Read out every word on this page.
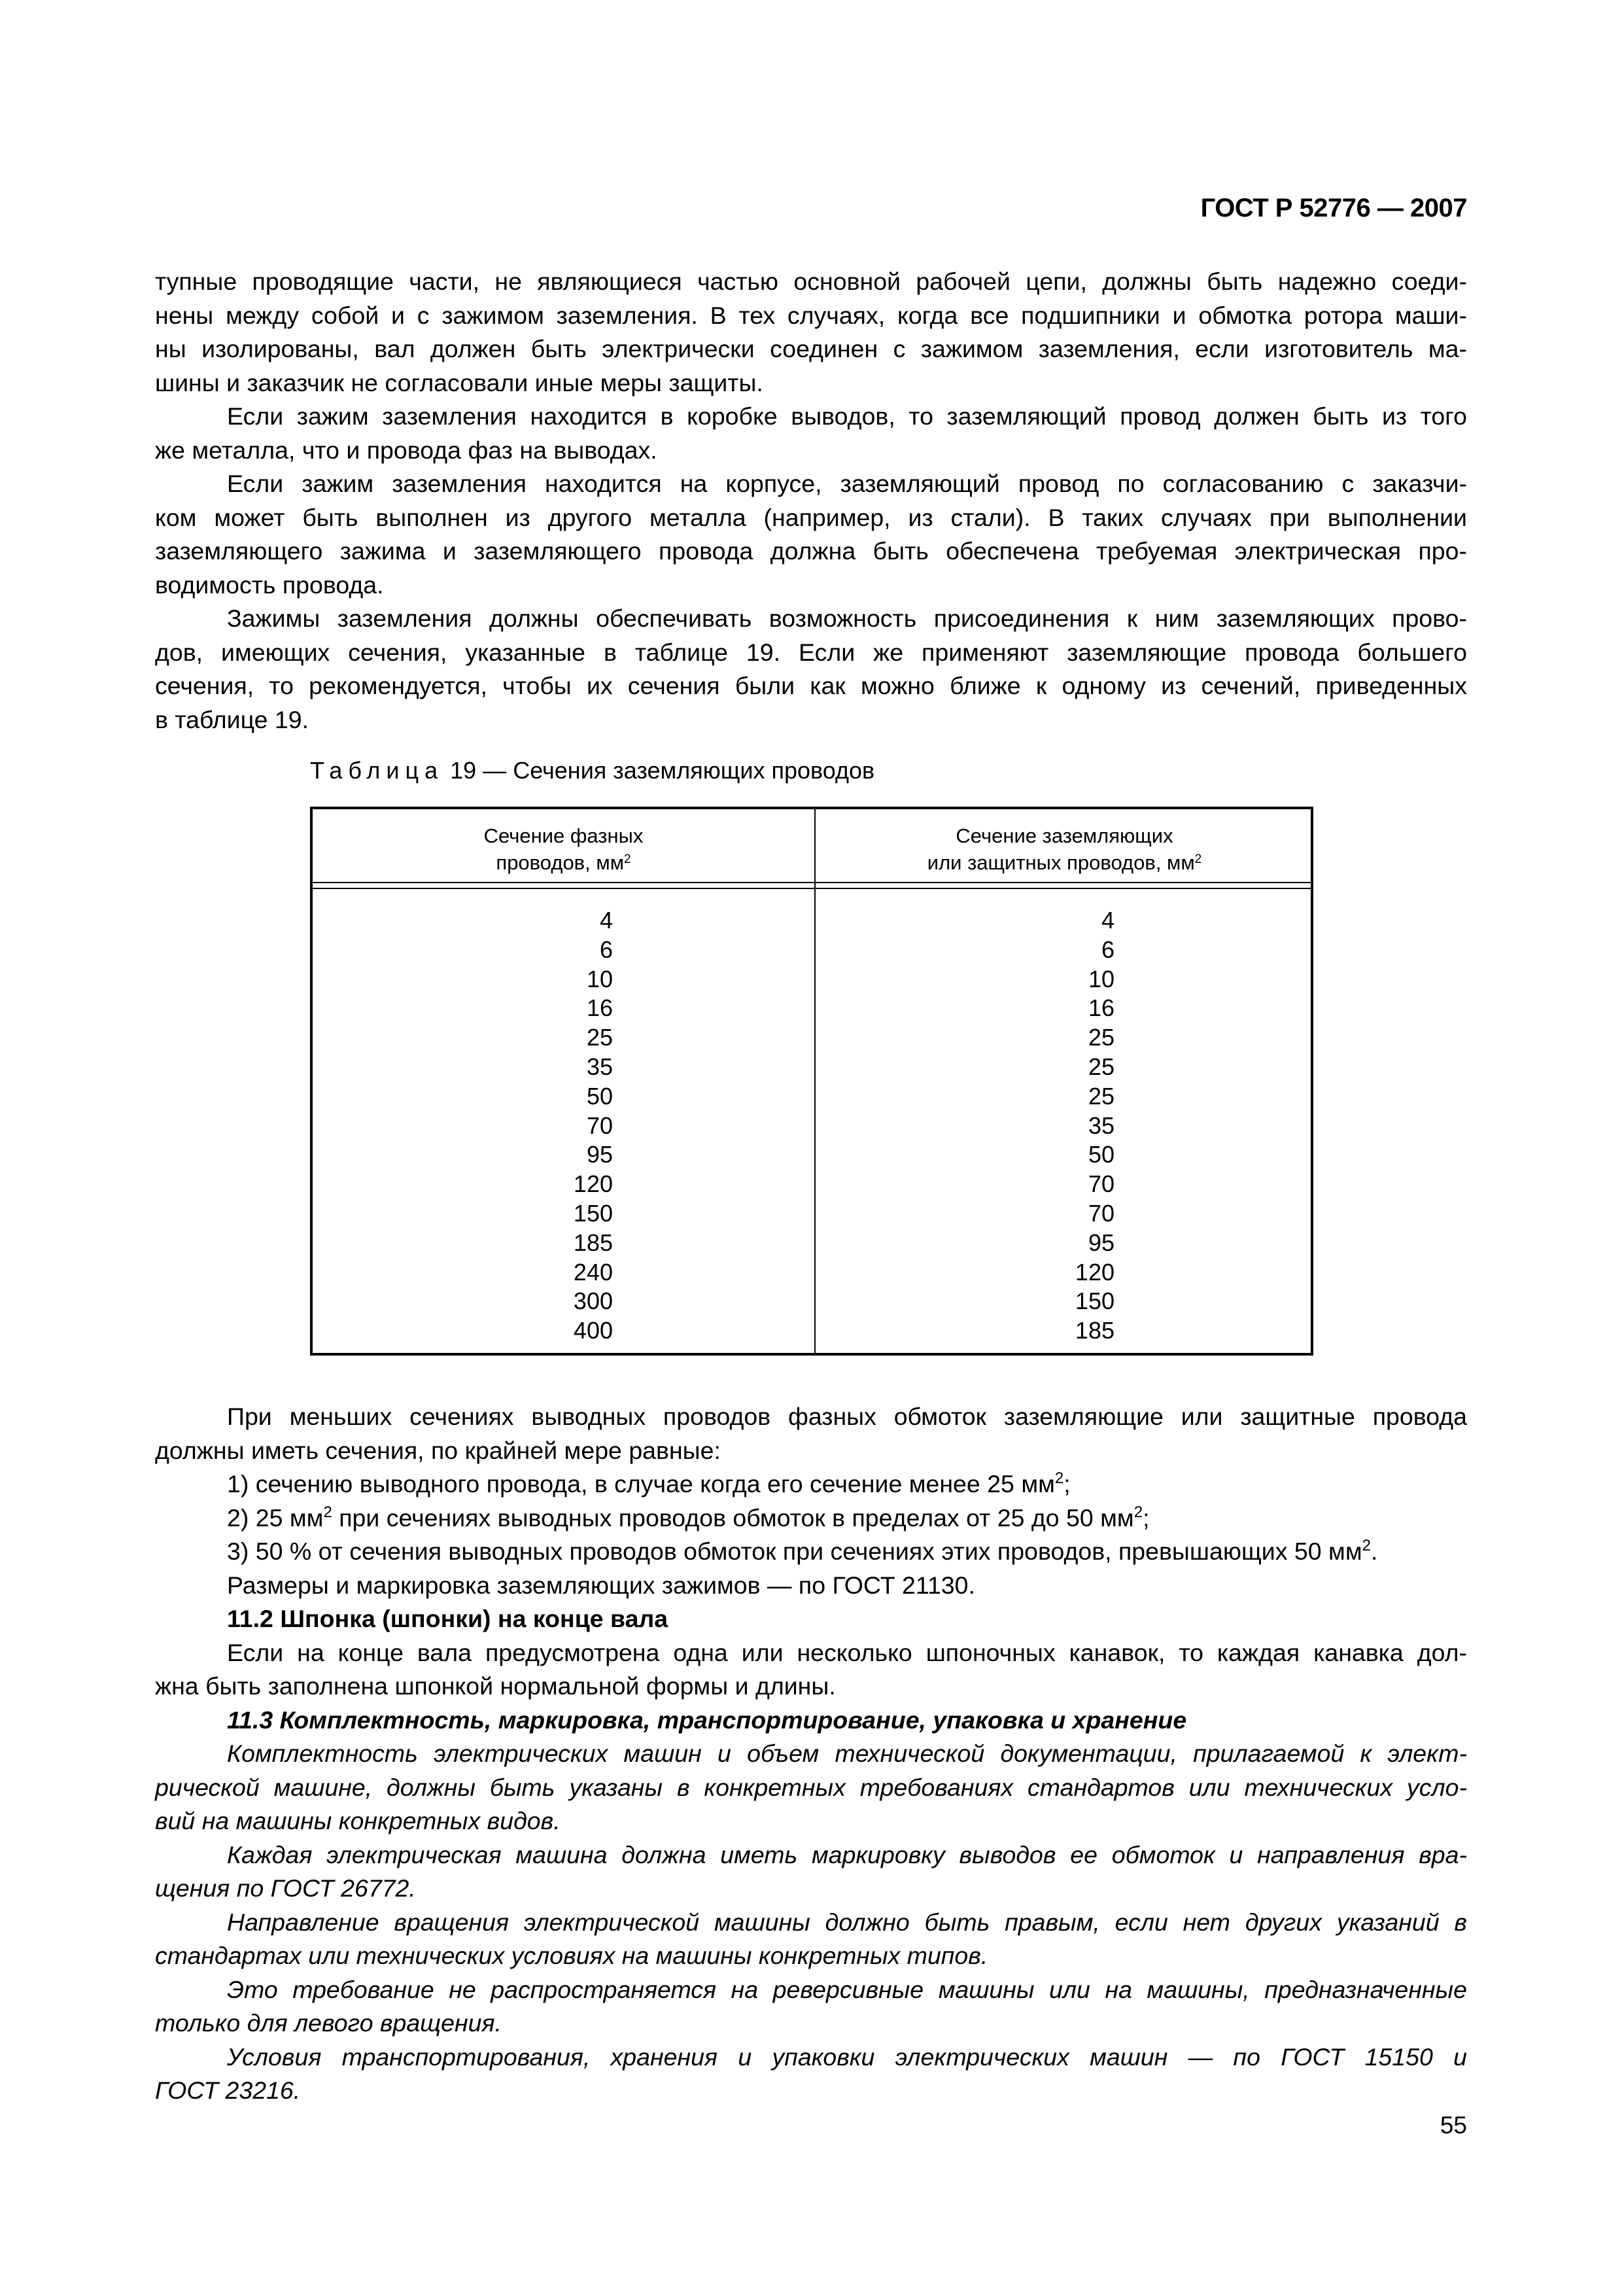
ГОСТ Р 52776 — 2007
тупные проводящие части, не являющиеся частью основной рабочей цепи, должны быть надежно соеди-
нены между собой и с зажимом заземления. В тех случаях, когда все подшипники и обмотка ротора маши-
ны изолированы, вал должен быть электрически соединен с зажимом заземления, если изготовитель ма-
шины и заказчик не согласовали иные меры защиты.
Если зажим заземления находится в коробке выводов, то заземляющий провод должен быть из того
же металла, что и провода фаз на выводах.
Если зажим заземления находится на корпусе, заземляющий провод по согласованию с заказчи-
ком может быть выполнен из другого металла (например, из стали). В таких случаях при выполнении
заземляющего зажима и заземляющего провода должна быть обеспечена требуемая электрическая про-
водимость провода.
Зажимы заземления должны обеспечивать возможность присоединения к ним заземляющих прово-
дов, имеющих сечения, указанные в таблице 19. Если же применяют заземляющие провода большего
сечения, то рекомендуется, чтобы их сечения были как можно ближе к одному из сечений, приведенных
в таблице 19.
Таблица 19 — Сечения заземляющих проводов
Сечение фазных
проводов, $мм^2$
Сечение заземляющих
или защитных проводов, $мм^2$
4
6
10
16
25
35
50
70
95
120
150
185
240
300
400
4
6
10
16
25
25
25
35
50
70
70
95
120
150
185
При меньших сечениях выводных проводов фазных обмоток заземляющие или защитные провода
должны иметь сечения, по крайней мере равные:
1) сечению выводного провода, в случае когда его сечение менее 25 $мм^2$;
2) 25 $мм^2$ при сечениях выводных проводов обмоток в пределах от 25 до 50 $мм^2$;
3) 50 % от сечения выводных проводов обмоток при сечениях этих проводов, превышающих 50 $мм^2$.
Размеры и маркировка заземляющих зажимов — по ГОСТ 21130.
11.2 Шпонка (шпонки) на конце вала
Если на конце вала предусмотрена одна или несколько шпоночных канавок, то каждая канавка дол-
жна быть заполнена шпонкой нормальной формы и длины.
11.3 Комплектность, маркировка, транспортирование, упаковка и хранение
Комплектность электрических машин и объем технической документации, прилагаемой к элект-
рической машине, должны быть указаны в конкретных требованиях стандартов или технических усло-
вий на машины конкретных видов.
Каждая электрическая машина должна иметь маркировку выводов ее обмоток и направления вра-
щения по ГОСТ 26772.
Направление вращения электрической машины должно быть правым, если нет других указаний в
стандартах или технических условиях на машины конкретных типов.
Это требование не распространяется на реверсивные машины или на машины, предназначенные
только для левого вращения.
Условия транспортирования, хранения и упаковки электрических машин — по ГОСТ 15150 и
ГОСТ 23216.
55
